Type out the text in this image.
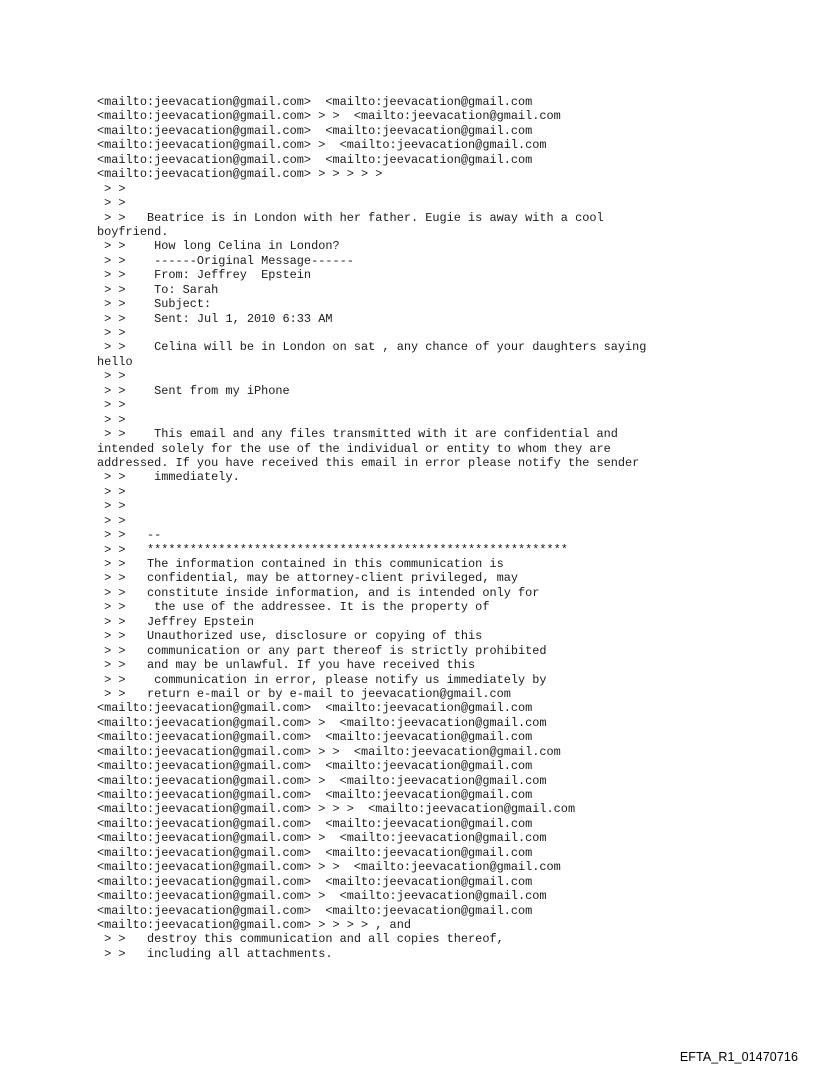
<mailto:jeevacation@gmail.com>  <mailto:jeevacation@gmail.com
<mailto:jeevacation@gmail.com> > >  <mailto:jeevacation@gmail.com
<mailto:jeevacation@gmail.com>  <mailto:jeevacation@gmail.com
<mailto:jeevacation@gmail.com> >  <mailto:jeevacation@gmail.com
<mailto:jeevacation@gmail.com>  <mailto:jeevacation@gmail.com
<mailto:jeevacation@gmail.com> > > > > >
> >
> >
> >   Beatrice is in London with her father. Eugie is away with a cool
boyfriend.
> >    How long Celina in London?
> >    ------Original Message------
> >    From: Jeffrey  Epstein
> >    To: Sarah
> >    Subject:
> >    Sent: Jul 1, 2010 6:33 AM
> >
> >    Celina will be in London on sat , any chance of your daughters saying
hello
> >
> >    Sent from my iPhone
> >
> >
> >    This email and any files transmitted with it are confidential and
intended solely for the use of the individual or entity to whom they are
addressed. If you have received this email in error please notify the sender
> >    immediately.
> >
> >
> >
> >   --
> >   ***********************************************************
> >   The information contained in this communication is
> >   confidential, may be attorney-client privileged, may
> >   constitute inside information, and is intended only for
> >    the use of the addressee. It is the property of
> >   Jeffrey Epstein
> >   Unauthorized use, disclosure or copying of this
> >   communication or any part thereof is strictly prohibited
> >   and may be unlawful. If you have received this
> >    communication in error, please notify us immediately by
> >   return e-mail or by e-mail to jeevacation@gmail.com
<mailto:jeevacation@gmail.com>  <mailto:jeevacation@gmail.com
<mailto:jeevacation@gmail.com> >  <mailto:jeevacation@gmail.com
<mailto:jeevacation@gmail.com>  <mailto:jeevacation@gmail.com
<mailto:jeevacation@gmail.com> > >  <mailto:jeevacation@gmail.com
<mailto:jeevacation@gmail.com>  <mailto:jeevacation@gmail.com
<mailto:jeevacation@gmail.com> >  <mailto:jeevacation@gmail.com
<mailto:jeevacation@gmail.com>  <mailto:jeevacation@gmail.com
<mailto:jeevacation@gmail.com> > > >  <mailto:jeevacation@gmail.com
<mailto:jeevacation@gmail.com>  <mailto:jeevacation@gmail.com
<mailto:jeevacation@gmail.com> >  <mailto:jeevacation@gmail.com
<mailto:jeevacation@gmail.com>  <mailto:jeevacation@gmail.com
<mailto:jeevacation@gmail.com> > >  <mailto:jeevacation@gmail.com
<mailto:jeevacation@gmail.com>  <mailto:jeevacation@gmail.com
<mailto:jeevacation@gmail.com> >  <mailto:jeevacation@gmail.com
<mailto:jeevacation@gmail.com>  <mailto:jeevacation@gmail.com
<mailto:jeevacation@gmail.com> > > > > , and
> >   destroy this communication and all copies thereof,
> >   including all attachments.
EFTA_R1_01470716
